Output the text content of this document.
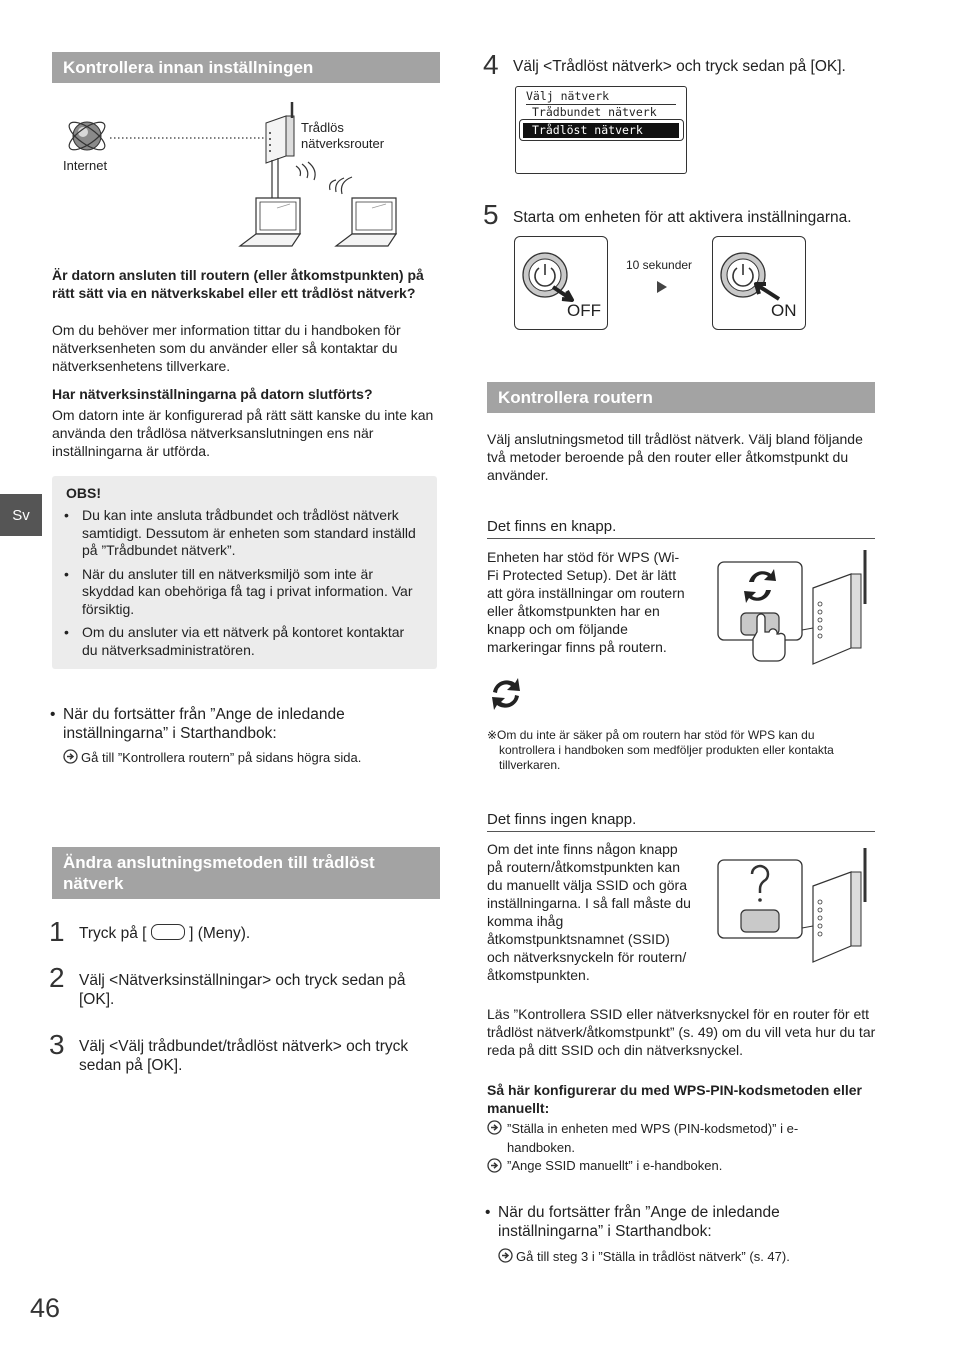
Sv
Kontrollera innan inställningen
Internet
Trådlös
nätverksrouter
Är datorn ansluten till routern (eller åtkomstpunkten) på rätt sätt via en nätverkskabel eller ett trådlöst nätverk?
Om du behöver mer information tittar du i handboken för nätverksenheten som du använder eller så kontaktar du nätverksenhetens tillverkare.
Har nätverksinställningarna på datorn slutförts?
Om datorn inte är konfigurerad på rätt sätt kanske du inte kan använda den trådlösa nätverksanslutningen ens när inställningarna är utförda.
OBS!
• Du kan inte ansluta trådbundet och trådlöst nätverk samtidigt. Dessutom är enheten som standard inställd på ”Trådbundet nätverk”.
• När du ansluter till en nätverksmiljö som inte är skyddad kan obehöriga få tag i privat information. Var försiktig.
• Om du ansluter via ett nätverk på kontoret kontaktar du nätverksadministratören.
• När du fortsätter från ”Ange de inledande inställningarna” i Starthandbok:
Gå till ”Kontrollera routern” på sidans högra sida.
Ändra anslutningsmetoden till trådlöst nätverk
1 Tryck på [	] (Meny).
2 Välj <Nätverksinställningar> och tryck sedan på [OK].
3 Välj <Välj trådbundet/trådlöst nätverk> och tryck sedan på [OK].
46
4 Välj <Trådlöst nätverk> och tryck sedan på [OK].
Välj nätverk
Trådbundet nätverk
Trådlöst nätverk
5 Starta om enheten för att aktivera inställningarna.
OFF
10 sekunder
ON
Kontrollera routern
Välj anslutningsmetod till trådlöst nätverk. Välj bland följande två metoder beroende på den router eller åtkomstpunkt du använder.
Det finns en knapp.
Enheten har stöd för WPS (Wi-Fi Protected Setup). Det är lätt att göra inställningar om routern eller åtkomstpunkten har en knapp och om följande markeringar finns på routern.
※Om du inte är säker på om routern har stöd för WPS kan du kontrollera i handboken som medföljer produkten eller kontakta tillverkaren.
Det finns ingen knapp.
Om det inte finns någon knapp på routern/åtkomstpunkten kan du manuellt välja SSID och göra inställningarna. I så fall måste du komma ihåg åtkomstpunktsnamnet (SSID) och nätverksnyckeln för routern/åtkomstpunkten.
Läs ”Kontrollera SSID eller nätverksnyckel för en router för ett trådlöst nätverk/åtkomstpunkt” (s. 49) om du vill veta hur du tar reda på ditt SSID och din nätverksnyckel.
Så här konfigurerar du med WPS-PIN-kodsmetoden eller manuellt:
”Ställa in enheten med WPS (PIN-kodsmetod)” i e-handboken.
”Ange SSID manuellt” i e-handboken.
• När du fortsätter från ”Ange de inledande inställningarna” i Starthandbok:
Gå till steg 3 i ”Ställa in trådlöst nätverk” (s. 47).
